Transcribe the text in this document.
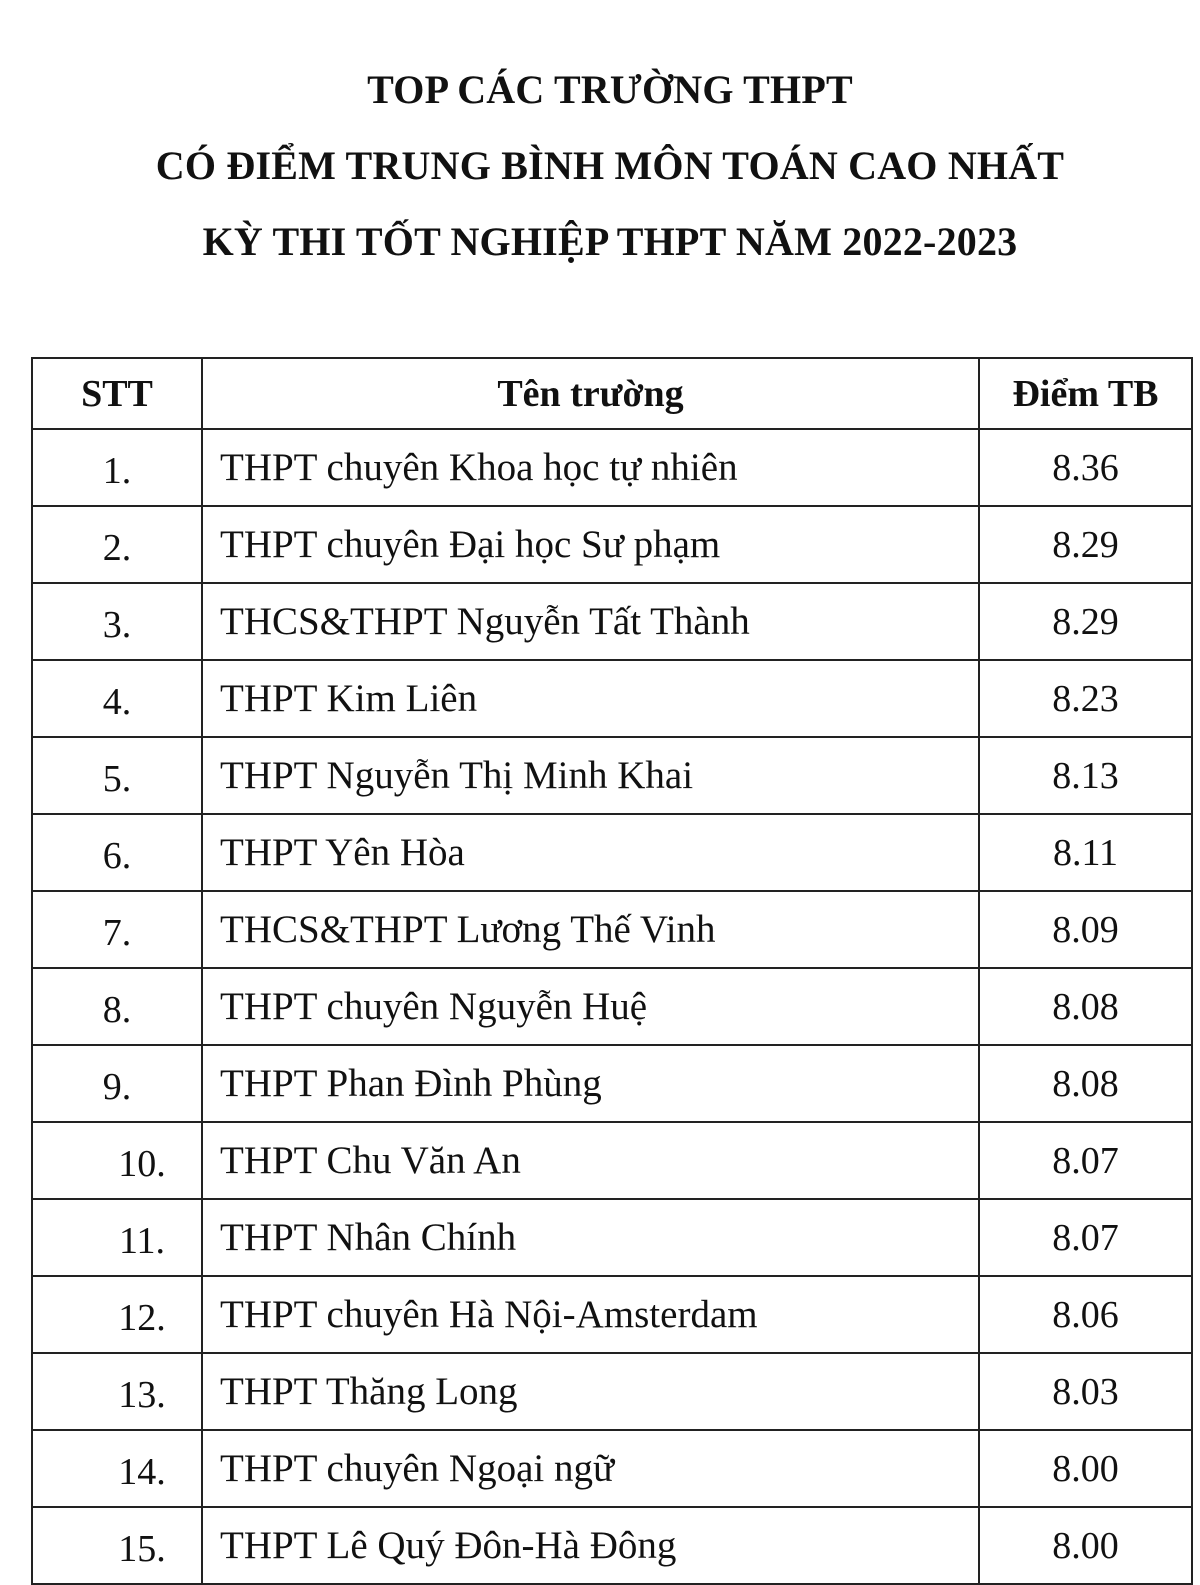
TOP CÁC TRƯỜNG THPT
CÓ ĐIỂM TRUNG BÌNH MÔN TOÁN CAO NHẤT
KỲ THI TỐT NGHIỆP THPT NĂM 2022-2023
STT	Tên trường	Điểm TB
1.	THPT chuyên Khoa học tự nhiên	8.36
2.	THPT chuyên Đại học Sư phạm	8.29
3.	THCS&THPT Nguyễn Tất Thành	8.29
4.	THPT Kim Liên	8.23
5.	THPT Nguyễn Thị Minh Khai	8.13
6.	THPT Yên Hòa	8.11
7.	THCS&THPT Lương Thế Vinh	8.09
8.	THPT chuyên Nguyễn Huệ	8.08
9.	THPT Phan Đình Phùng	8.08
10.	THPT Chu Văn An	8.07
11.	THPT Nhân Chính	8.07
12.	THPT chuyên Hà Nội-Amsterdam	8.06
13.	THPT Thăng Long	8.03
14.	THPT chuyên Ngoại ngữ	8.00
15.	THPT Lê Quý Đôn-Hà Đông	8.00
